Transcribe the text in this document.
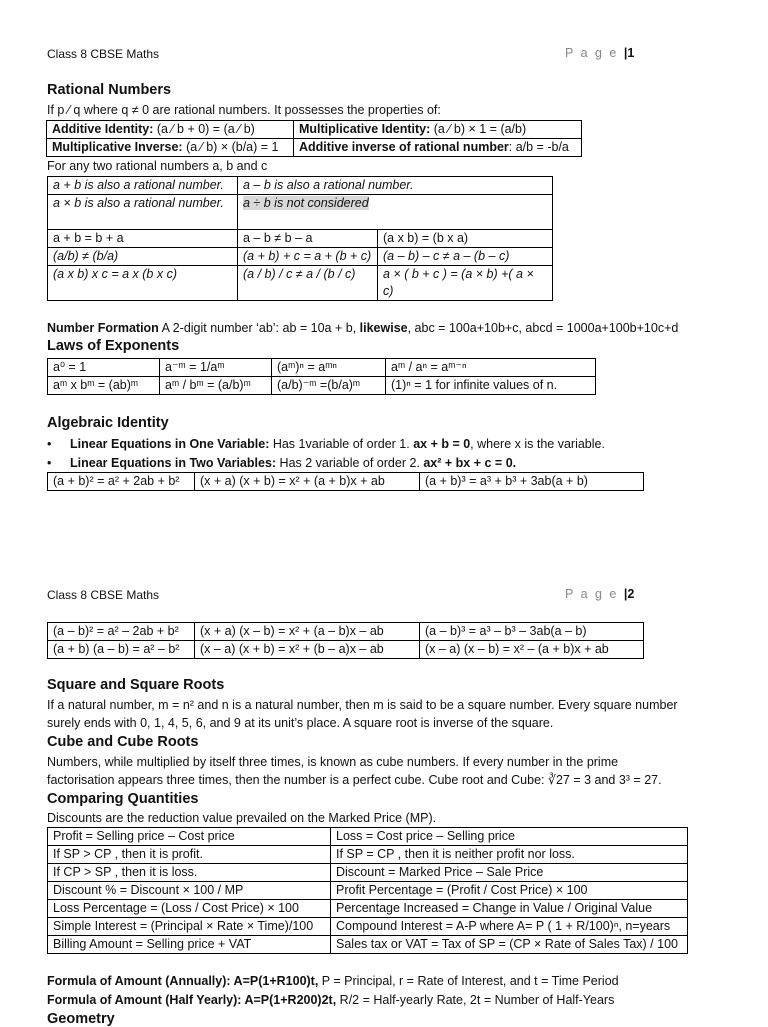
Class 8 CBSE Maths	P a g e |1
Rational Numbers

If p ⁄ q where q ≠ 0 are rational numbers. It possesses the properties of:

Additive Identity: (a ⁄ b + 0) = (a ⁄ b)	Multiplicative Identity: (a ⁄ b) × 1 = (a/b)
Multiplicative Inverse: (a ⁄ b) × (b/a) = 1	Additive inverse of rational number: a/b = -b/a

For any two rational numbers a, b and c

a + b is also a rational number.	a – b is also a rational number.	
a × b is also a rational number.	a ÷ b is not considered	
a + b = b + a	a – b ≠ b – a	(a x b) = (b x a)
(a/b) ≠ (b/a)	(a + b) + c = a + (b + c)	(a – b) – c ≠ a – (b – c)
(a x b) x c = a x (b x c)	(a / b) / c ≠ a / (b / c)	a × ( b + c ) = (a × b) +( a × c)

Number Formation A 2-digit number ‘ab’: ab = 10a + b, likewise, abc = 100a+10b+c, abcd = 1000a+100b+10c+d

Laws of Exponents
a⁰ = 1	a⁻ᵐ = 1/aᵐ	(aᵐ)ⁿ = aᵐⁿ	aᵐ / aⁿ = aᵐ⁻ⁿ
aᵐ x bᵐ = (ab)ᵐ	aᵐ / bᵐ = (a/b)ᵐ	(a/b)⁻ᵐ =(b/a)ᵐ	(1)ⁿ = 1 for infinite values of n.
Algebraic Identity
• Linear Equations in One Variable: Has 1variable of order 1. ax + b = 0, where x is the variable.
• Linear Equations in Two Variables: Has 2 variable of order 2. ax² + bx + c = 0.
(a + b)² = a² + 2ab + b²	(x + a) (x + b) = x² + (a + b)x + ab	(a + b)³ = a³ + b³ + 3ab(a + b)
Class 8 CBSE Maths	P a g e |2
(a – b)² = a² – 2ab + b²	(x + a) (x – b) = x² + (a – b)x – ab	(a – b)³ = a³ – b³ – 3ab(a – b)
(a + b) (a – b) = a² – b²	(x – a) (x + b) = x² + (b – a)x – ab	(x – a) (x – b) = x² – (a + b)x + ab
Square and Square Roots

If a natural number, m = n² and n is a natural number, then m is said to be a square number. Every square number

surely ends with 0, 1, 4, 5, 6, and 9 at its unit’s place. A square root is inverse of the square.

Cube and Cube Roots

Numbers, while multiplied by itself three times, is known as cube numbers. If every number in the prime

factorisation appears three times, then the number is a perfect cube. Cube root and Cube: ∛27 = 3 and 3³ = 27.

Comparing Quantities

Discounts are the reduction value prevailed on the Marked Price (MP).

Profit = Selling price – Cost price	Loss = Cost price – Selling price
If SP > CP , then it is profit.	If SP = CP , then it is neither profit nor loss.
If CP > SP , then it is loss.	Discount = Marked Price – Sale Price
Discount % = Discount × 100 / MP	Profit Percentage = (Profit / Cost Price) × 100
Loss Percentage = (Loss / Cost Price) × 100	Percentage Increased = Change in Value / Original Value
Simple Interest = (Principal × Rate × Time)/100	Compound Interest = A-P where A= P ( 1 + R/100)ⁿ, n=years
Billing Amount = Selling price + VAT	Sales tax or VAT = Tax of SP = (CP × Rate of Sales Tax) / 100

Formula of Amount (Annually): A=P(1+R100)t, P = Principal, r = Rate of Interest, and t = Time Period

Formula of Amount (Half Yearly): A=P(1+R200)2t, R/2 = Half-yearly Rate, 2t = Number of Half-Years

Geometry
